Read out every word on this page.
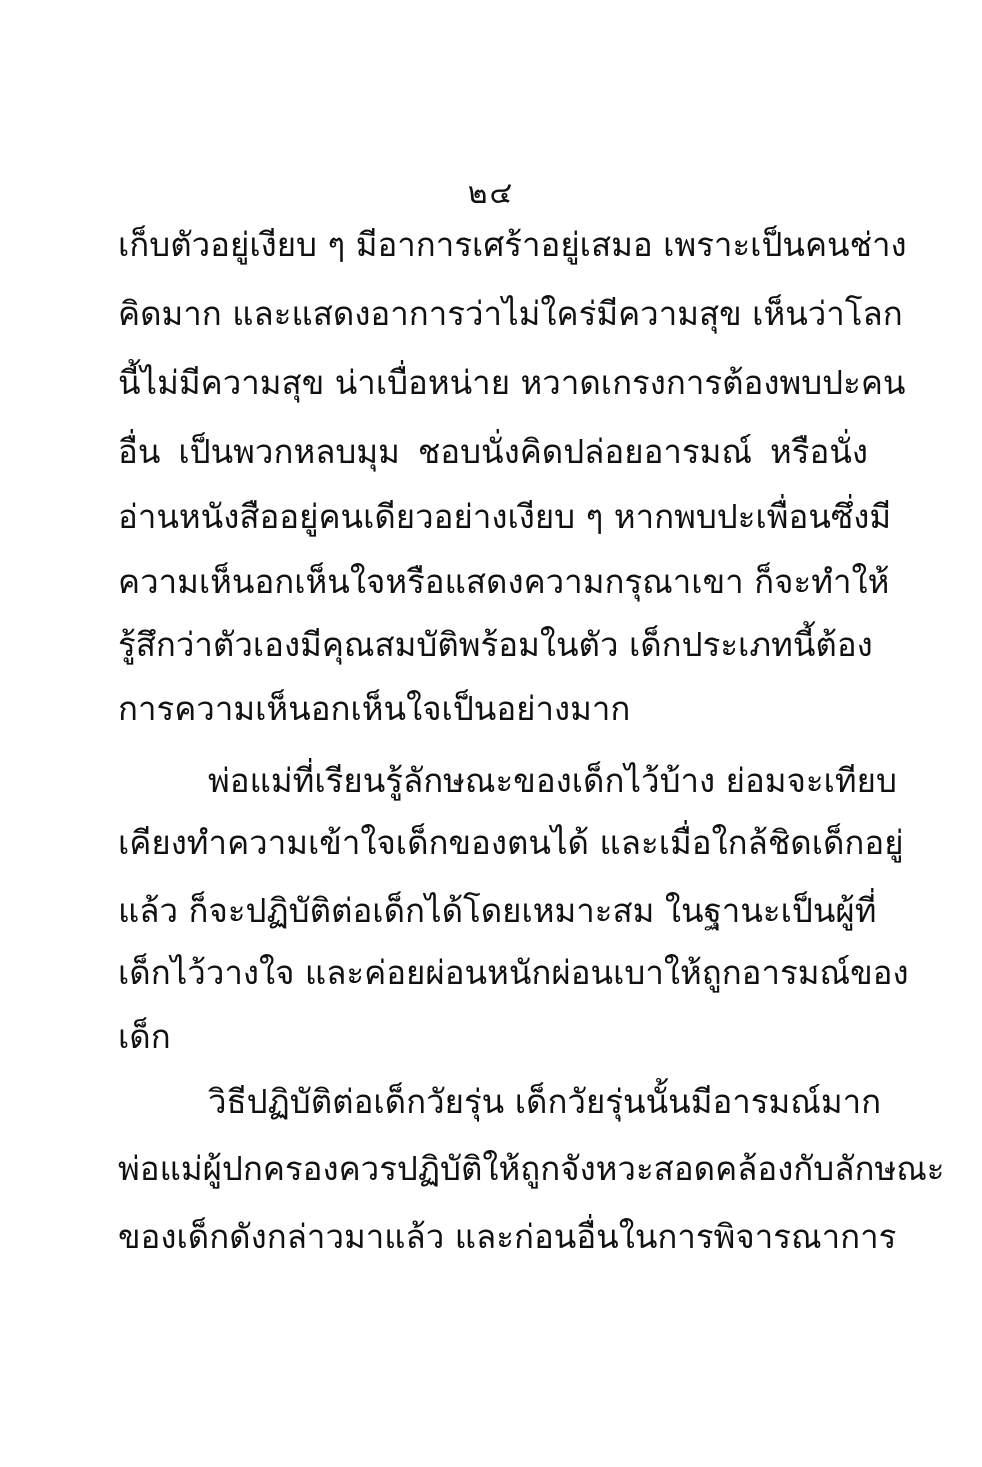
๒๔
เก็บตัวอยู่เงียบ ๆ มีอาการเศร้าอยู่เสมอ เพราะเป็นคนช่าง
คิดมาก และแสดงอาการว่าไม่ใคร่มีความสุข เห็นว่าโลก
นี้ไม่มีความสุข น่าเบื่อหน่าย หวาดเกรงการต้องพบปะคน
อื่น เป็นพวกหลบมุม ชอบนั่งคิดปล่อยอารมณ์ หรือนั่ง
อ่านหนังสืออยู่คนเดียวอย่างเงียบ ๆ หากพบปะเพื่อนซึ่งมี
ความเห็นอกเห็นใจหรือแสดงความกรุณาเขา ก็จะทำให้
รู้สึกว่าตัวเองมีคุณสมบัติพร้อมในตัว เด็กประเภทนี้ต้อง
การความเห็นอกเห็นใจเป็นอย่างมาก
พ่อแม่ที่เรียนรู้ลักษณะของเด็กไว้บ้าง ย่อมจะเทียบ
เคียงทำความเข้าใจเด็กของตนได้ และเมื่อใกล้ชิดเด็กอยู่
แล้ว ก็จะปฏิบัติต่อเด็กได้โดยเหมาะสม ในฐานะเป็นผู้ที่
เด็กไว้วางใจ และค่อยผ่อนหนักผ่อนเบาให้ถูกอารมณ์ของ
เด็ก
วิธีปฏิบัติต่อเด็กวัยรุ่น เด็กวัยรุ่นนั้นมีอารมณ์มาก
พ่อแม่ผู้ปกครองควรปฏิบัติให้ถูกจังหวะสอดคล้องกับลักษณะ
ของเด็กดังกล่าวมาแล้ว และก่อนอื่นในการพิจารณาการ
